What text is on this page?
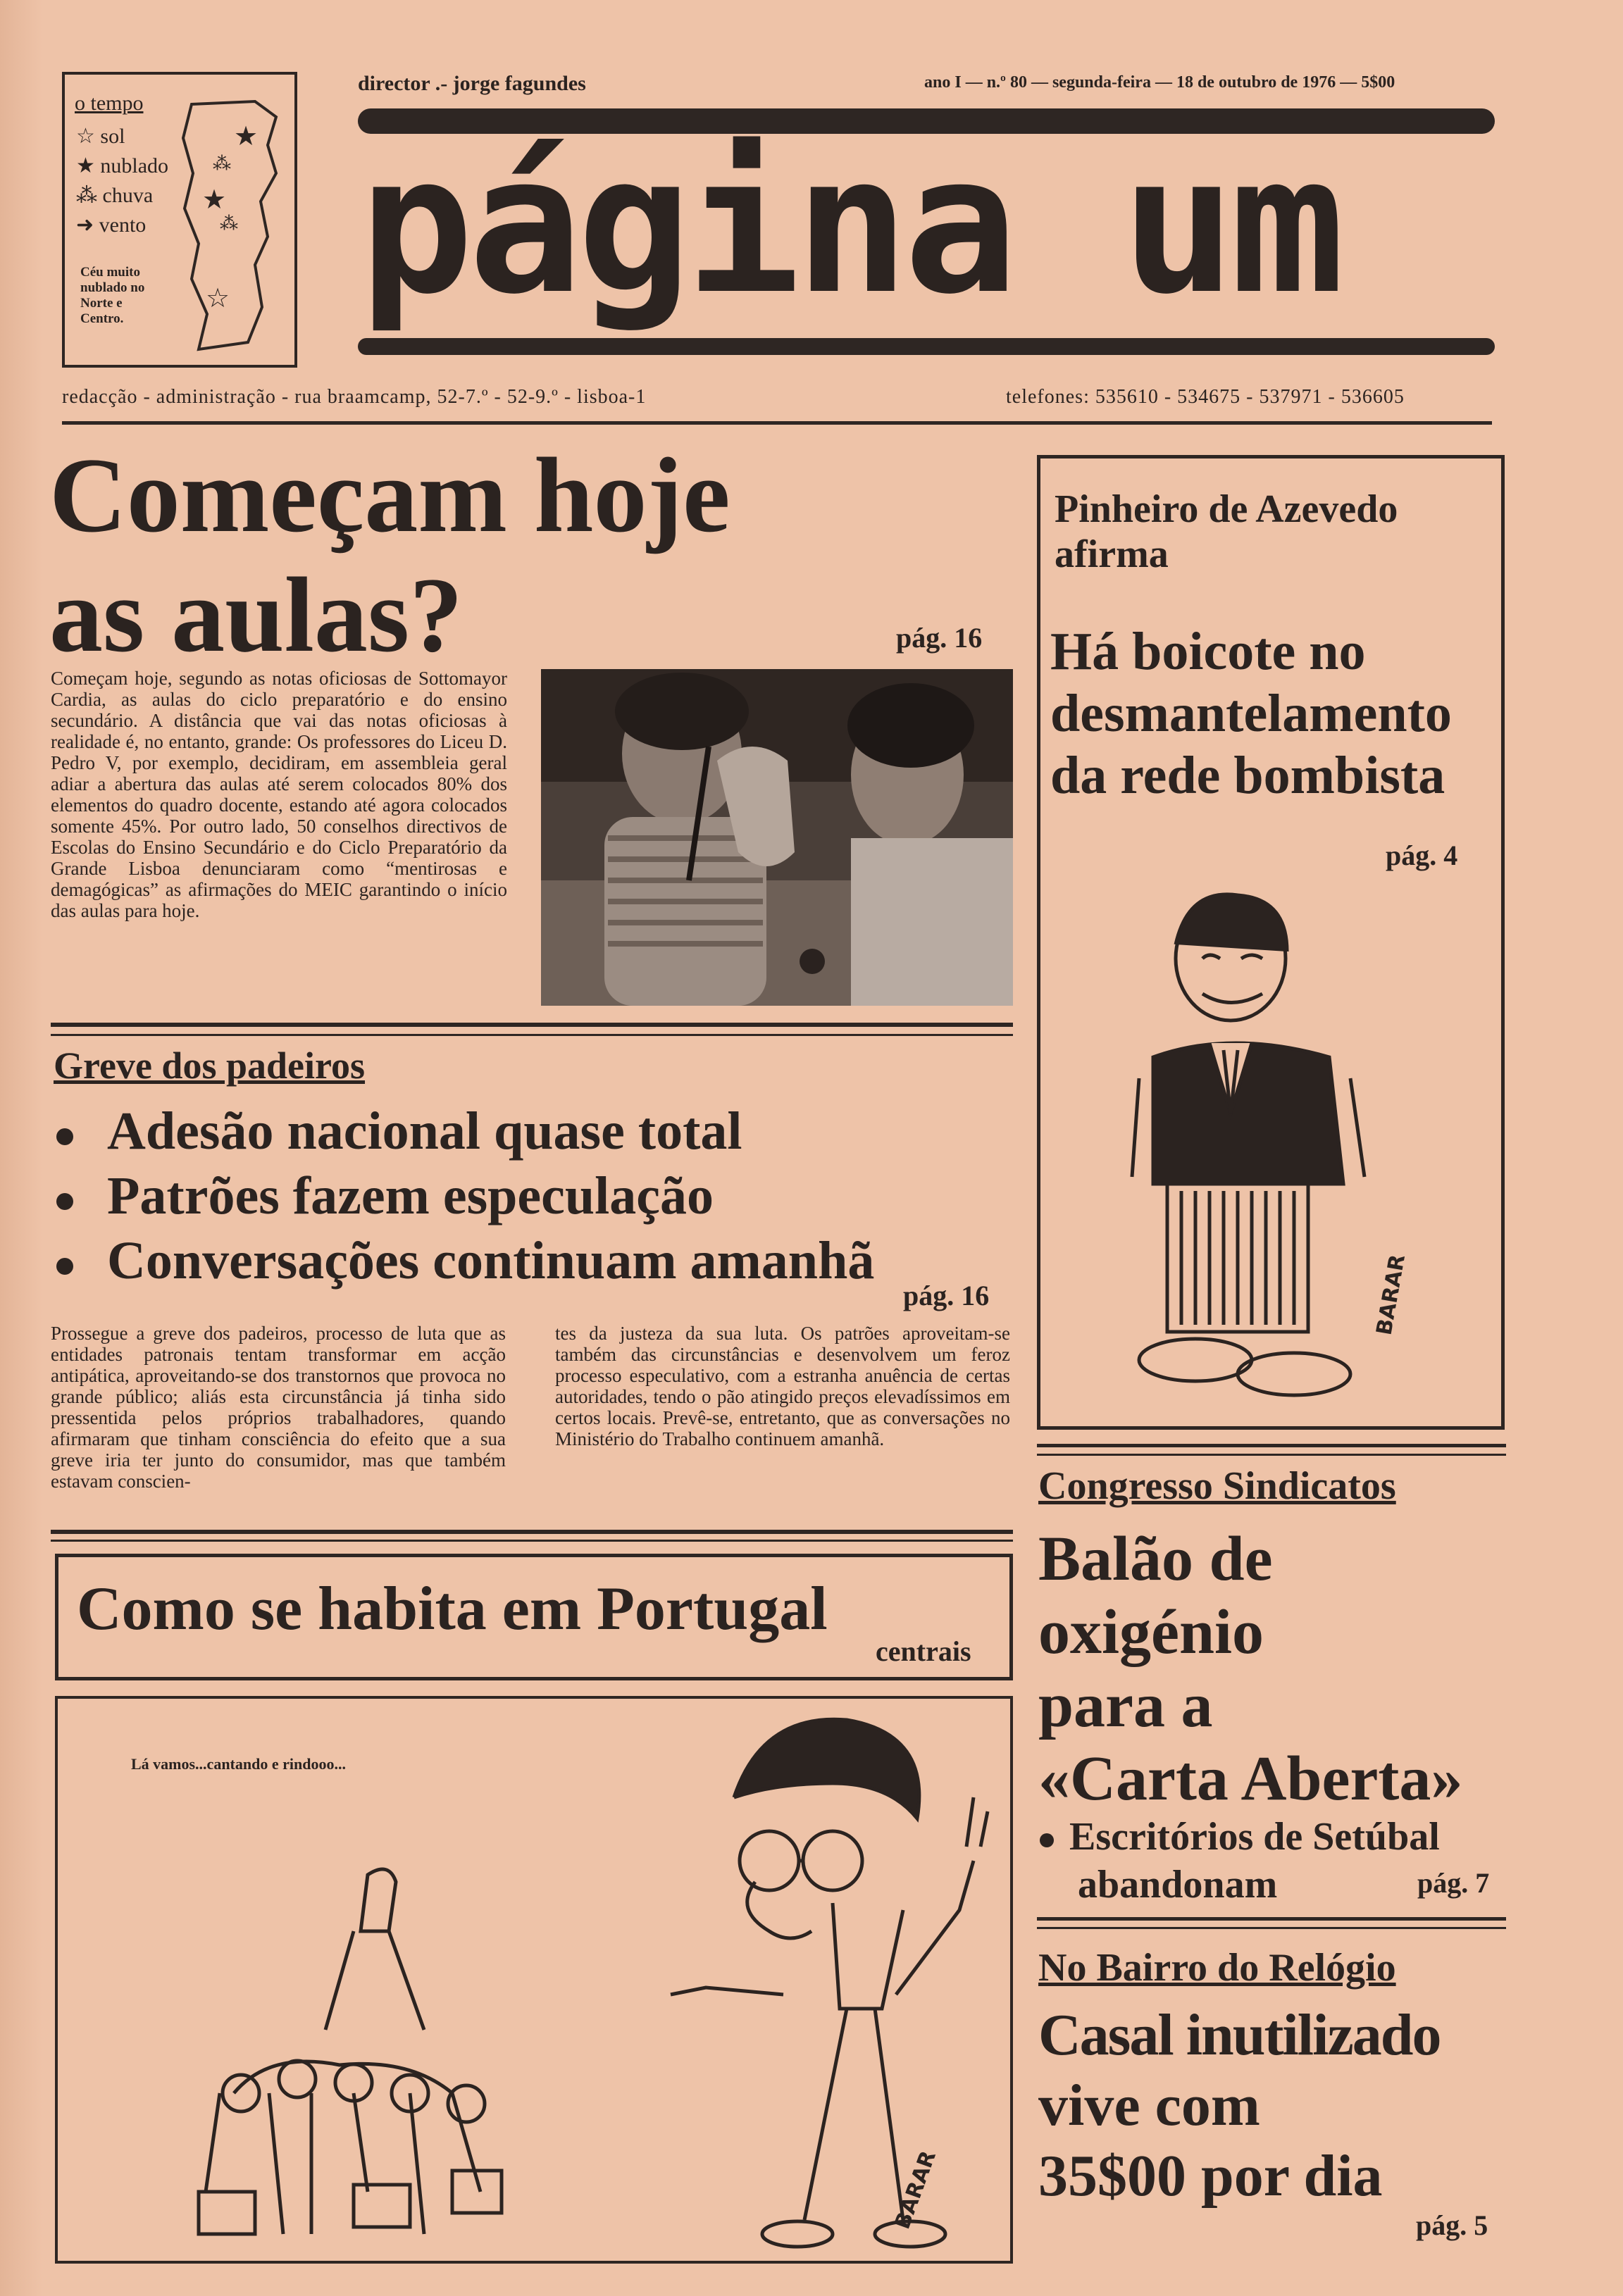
o tempo
☆ sol
★ nublado
⁂ chuva
➜ vento
Céu muito nublado no Norte e Centro.
★
⁂
★
⁂
☆
director .- jorge fagundes	ano I — n.º 80 — segunda-feira — 18 de outubro de 1976 — 5$00
página um
redacção - administração - rua braamcamp, 52-7.º - 52-9.º - lisboa-1	telefones: 535610 - 534675 - 537971 - 536605
Começam hoje
as aulas?	pág. 16
Começam hoje, segundo as notas oficiosas de Sottomayor Cardia, as aulas do ciclo preparatório e do ensino secundário. A distância que vai das notas oficiosas à realidade é, no entanto, grande: Os professores do Liceu D. Pedro V, por exemplo, decidiram, em assembleia geral adiar a abertura das aulas até serem colocados 80% dos elementos do quadro docente, estando até agora colocados somente 45%. Por outro lado, 50 conselhos directivos de Escolas do Ensino Secundário e do Ciclo Preparatório da Grande Lisboa denunciaram como “mentirosas e demagógicas” as afirmações do MEIC garantindo o início das aulas para hoje.
Pinheiro de Azevedo afirma
Há boicote no desmantelamento da rede bombista
pág. 4
BARAR
Greve dos padeiros
Adesão nacional quase total
Patrões fazem especulação
Conversações continuam amanhã
pág. 16
Prossegue a greve dos padeiros, processo de luta que as entidades patronais tentam transformar em acção antipática, aproveitando-se dos transtornos que provoca no grande público; aliás esta circunstância já tinha sido pressentida pelos próprios trabalhadores, quando afirmaram que tinham consciência do efeito que a sua greve iria ter junto do consumidor, mas que também estavam conscien-
tes da justeza da sua luta. Os patrões aproveitam-se também das circunstâncias e desenvolvem um feroz processo especulativo, com a estranha anuência de certas autoridades, tendo o pão atingido preços elevadíssimos em certos locais. Prevê-se, entretanto, que as conversações no Ministério do Trabalho continuem amanhã.
Como se habita em Portugal
centrais
Lá vamos...cantando e rindooo...
BARAR
Congresso Sindicatos
Balão de
oxigénio
para a
«Carta Aberta»
Escritórios de Setúbal
abandonam	pág. 7
No Bairro do Relógio
Casal inutilizado
vive com
35$00 por dia
pág. 5
